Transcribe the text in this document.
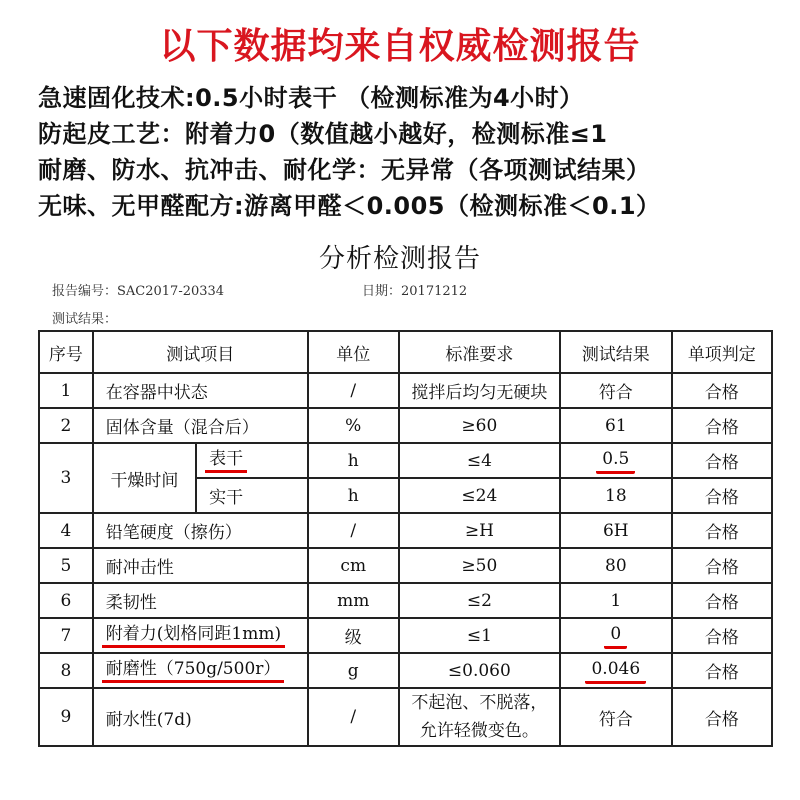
以下数据均来自权威检测报告
急速固化技术:0.5小时表干 （检测标准为4小时）
防起皮工艺：附着力0（数值越小越好，检测标准≤1
耐磨、防水、抗冲击、耐化学：无异常（各项测试结果）
无味、无甲醛配方:游离甲醛＜0.005（检测标准＜0.1）
分析检测报告
报告编号：SAC2017-20334	日期：20171212
测试结果：
序号	测试项目		单位	标准要求	测试结果	单项判定
1	在容器中状态		/	搅拌后均匀无硬块	符合	合格
2	固体含量（混合后）		%	≥60	61	合格
3	干燥时间	表干	h	≤4	0.5	合格
		实干	h	≤24	18	合格
4	铅笔硬度（擦伤）		/	≥H	6H	合格
5	耐冲击性		cm	≥50	80	合格
6	柔韧性		mm	≤2	1	合格
7	附着力(划格同距1mm)		级	≤1	0	合格
8	耐磨性（750g/500r）		g	≤0.060	0.046	合格
9	耐水性(7d)		/	不起泡、不脱落，
允许轻微变色。	符合	合格
